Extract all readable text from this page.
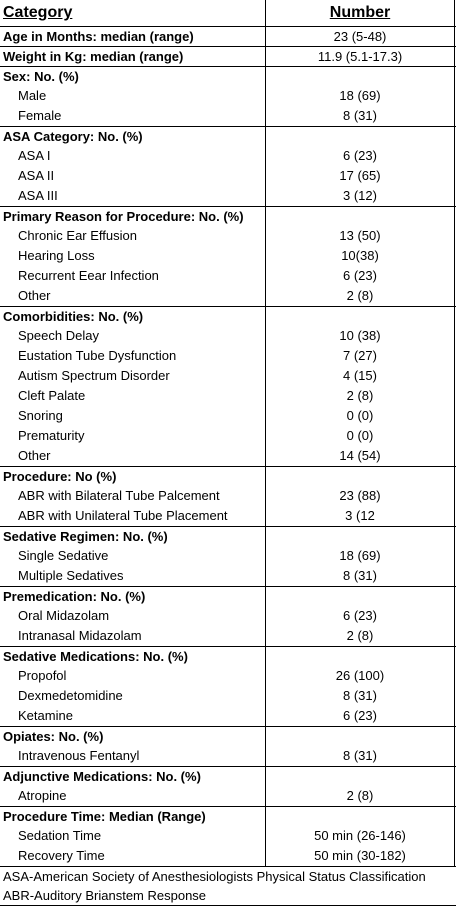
Category	Number
Age in Months: median (range)	23 (5-48)
Weight in Kg: median (range)	11.9 (5.1-17.3)
Sex: No. (%)
Male	18 (69)
Female	8 (31)
ASA Category: No. (%)
ASA I	6 (23)
ASA II	17 (65)
ASA III	3 (12)
Primary Reason for Procedure: No. (%)
Chronic Ear Effusion	13 (50)
Hearing Loss	10(38)
Recurrent Eear Infection	6 (23)
Other	2 (8)
Comorbidities: No. (%)
Speech Delay	10 (38)
Eustation Tube Dysfunction	7 (27)
Autism Spectrum Disorder	4 (15)
Cleft Palate	2 (8)
Snoring	0 (0)
Prematurity	0 (0)
Other	14 (54)
Procedure: No (%)
ABR with Bilateral Tube Palcement	23 (88)
ABR with Unilateral Tube Placement	3 (12
Sedative Regimen: No. (%)
Single Sedative	18 (69)
Multiple Sedatives	8 (31)
Premedication: No. (%)
Oral Midazolam	6 (23)
Intranasal Midazolam	2 (8)
Sedative Medications: No. (%)
Propofol	26 (100)
Dexmedetomidine	8 (31)
Ketamine	6 (23)
Opiates: No. (%)
Intravenous Fentanyl	8 (31)
Adjunctive Medications: No. (%)
Atropine	2 (8)
Procedure Time: Median (Range)
Sedation Time	50 min (26-146)
Recovery Time	50 min (30-182)
ASA-American Society of Anesthesiologists Physical Status Classification
ABR-Auditory Brianstem Response
